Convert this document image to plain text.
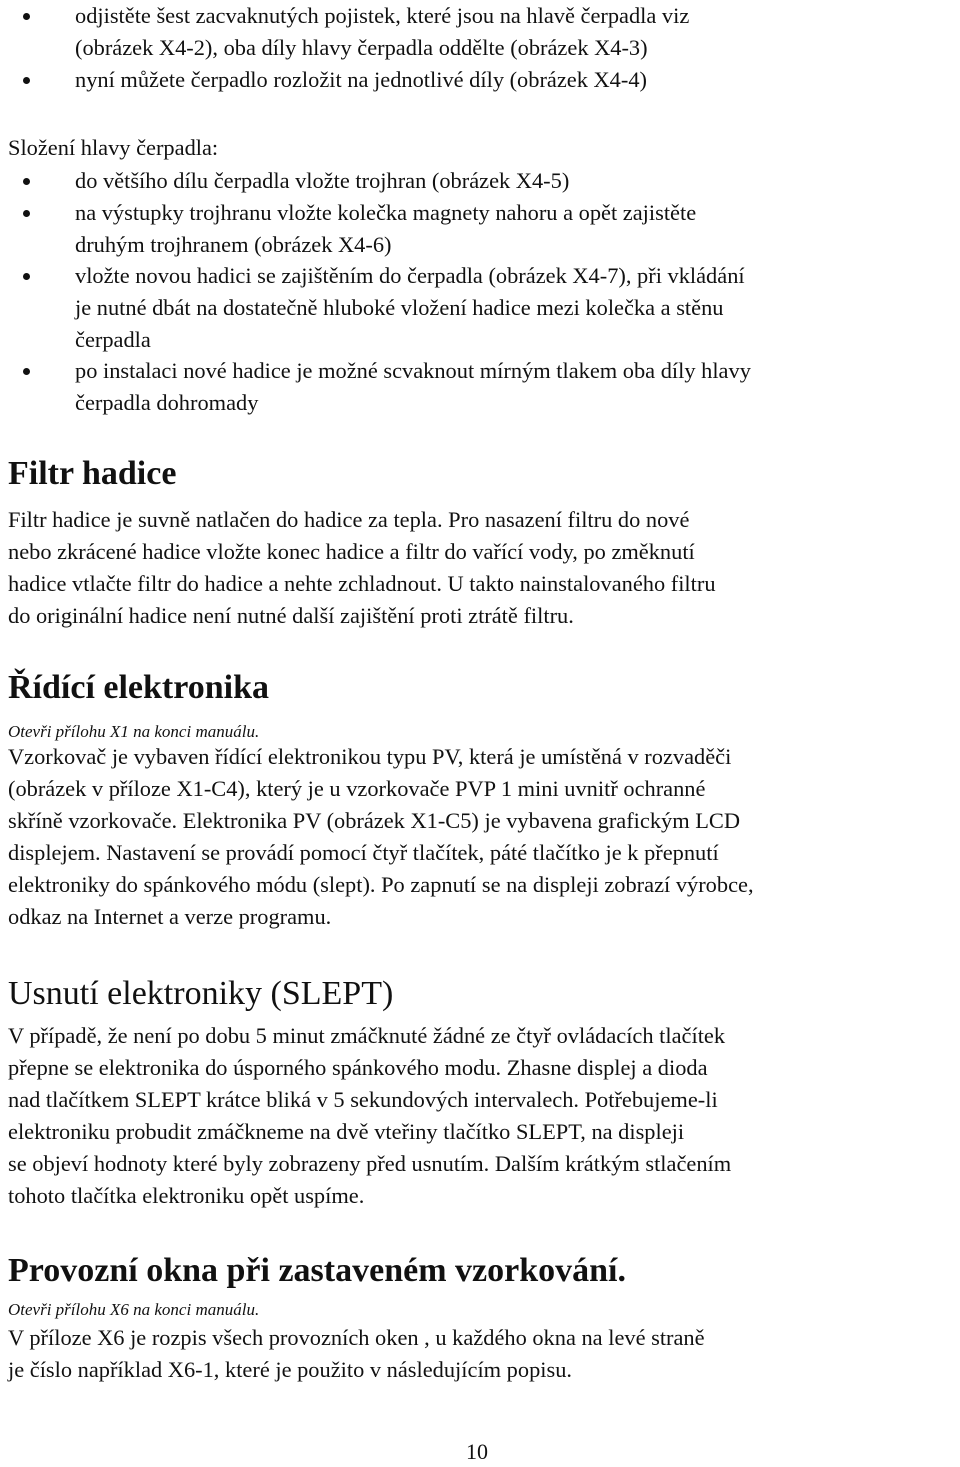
odjistěte šest zacvaknutých pojistek, které jsou na hlavě čerpadla viz
(obrázek X4-2), oba díly hlavy čerpadla oddělte (obrázek X4-3)
nyní můžete čerpadlo rozložit na jednotlivé díly (obrázek X4-4)
Složení hlavy čerpadla:
do většího dílu čerpadla vložte trojhran (obrázek X4-5)
na výstupky trojhranu vložte kolečka magnety nahoru a opět zajistěte
druhým trojhranem (obrázek X4-6)
vložte novou hadici se zajištěním do čerpadla (obrázek X4-7), při vkládání
je nutné dbát na dostatečně hluboké vložení hadice mezi kolečka a stěnu
čerpadla
po instalaci nové hadice je možné scvaknout mírným tlakem oba díly hlavy
čerpadla dohromady
Filtr hadice
Filtr hadice je suvně natlačen do hadice za tepla. Pro nasazení filtru do nové
nebo zkrácené hadice vložte konec hadice a filtr do vařící vody, po změknutí
hadice vtlačte filtr do hadice a nehte zchladnout. U takto nainstalovaného filtru
do originální hadice není nutné další zajištění proti ztrátě filtru.
Řídící elektronika
Otevři přílohu X1 na konci manuálu.
Vzorkovač je vybaven řídící elektronikou typu PV, která je umístěná v rozvaděči
(obrázek v příloze X1-C4), který je u vzorkovače PVP 1 mini uvnitř ochranné
skříně vzorkovače. Elektronika PV (obrázek X1-C5) je vybavena grafickým LCD
displejem. Nastavení se provádí pomocí čtyř tlačítek, páté tlačítko je k přepnutí
elektroniky do spánkového módu (slept). Po zapnutí se na displeji zobrazí výrobce,
odkaz na Internet a verze programu.
Usnutí elektroniky (SLEPT)
V případě, že není po dobu 5 minut zmáčknuté žádné ze čtyř ovládacích tlačítek
přepne se elektronika do úsporného spánkového modu. Zhasne displej a dioda
nad tlačítkem SLEPT krátce bliká v 5 sekundových intervalech. Potřebujeme-li
elektroniku probudit zmáčkneme na dvě vteřiny tlačítko SLEPT, na displeji
se objeví hodnoty které byly zobrazeny před usnutím. Dalším krátkým stlačením
tohoto tlačítka elektroniku opět uspíme.
Provozní okna při zastaveném vzorkování.
Otevři přílohu X6 na konci manuálu.
V příloze X6 je rozpis všech provozních oken , u každého okna na levé straně
je číslo například X6-1, které je použito v následujícím popisu.
10
